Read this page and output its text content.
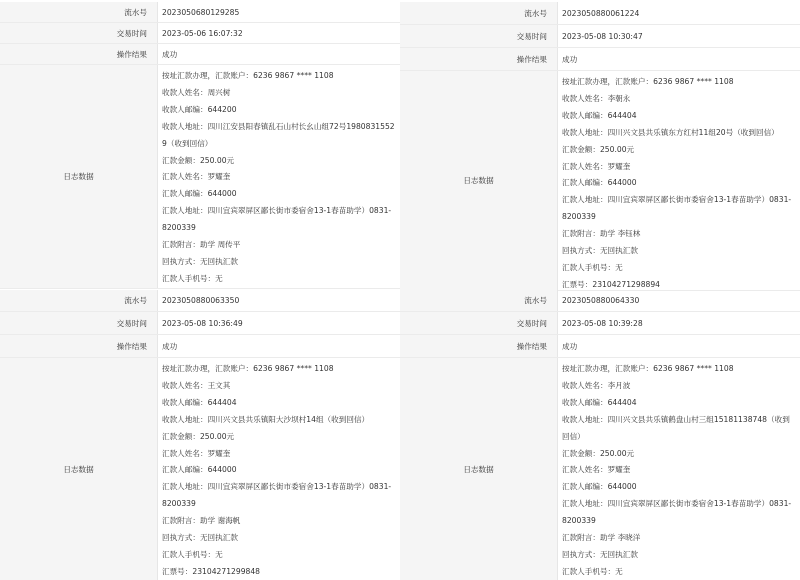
流水号	2023050680129285
交易时间	2023-05-06 16:07:32
操作结果	成功
日志数据
按址汇款办理，汇款账户：6236 9867 **** 1108
收款人姓名：周兴树
收款人邮编：644200
收款人地址：四川江安县阳春镇乱石山村长幺山组72号19808315529（收到回信）
汇款金额：250.00元
汇款人姓名：罗耀奎
汇款人邮编：644000
汇款人地址：四川宜宾翠屏区鄙长街市委宿舍13-1春苗助学）0831-8200339
汇款附言：助学 周传平
回执方式：无回执汇款
汇款人手机号：无
流水号	2023050880061224
交易时间	2023-05-08 10:30:47
操作结果	成功
日志数据
按址汇款办理，汇款账户：6236 9867 **** 1108
收款人姓名：李朝永
收款人邮编：644404
收款人地址：四川兴文县共乐镇东方红村11组20号（收到回信）
汇款金额：250.00元
汇款人姓名：罗耀奎
汇款人邮编：644000
汇款人地址：四川宜宾翠屏区鄙长街市委宿舍13-1春苗助学）0831-8200339
汇款附言：助学 李钰林
回执方式：无回执汇款
汇款人手机号：无
汇票号：23104271298894
流水号	2023050880063350
交易时间	2023-05-08 10:36:49
操作结果	成功
日志数据
按址汇款办理，汇款账户：6236 9867 **** 1108
收款人姓名：王文其
收款人邮编：644404
收款人地址：四川兴文县共乐镇阳大沙坝村14组（收到回信）
汇款金额：250.00元
汇款人姓名：罗耀奎
汇款人邮编：644000
汇款人地址：四川宜宾翠屏区鄙长街市委宿舍13-1春苗助学）0831-8200339
汇款附言：助学 谢海帆
回执方式：无回执汇款
汇款人手机号：无
汇票号：23104271299848
流水号	2023050880064330
交易时间	2023-05-08 10:39:28
操作结果	成功
日志数据
按址汇款办理，汇款账户：6236 9867 **** 1108
收款人姓名：李月波
收款人邮编：644404
收款人地址：四川兴文县共乐镇鹤盘山村三组15181138748（收到回信）
汇款金额：250.00元
汇款人姓名：罗耀奎
汇款人邮编：644000
汇款人地址：四川宜宾翠屏区鄙长街市委宿舍13-1春苗助学）0831-8200339
汇款附言：助学 李晓洋
回执方式：无回执汇款
汇款人手机号：无
